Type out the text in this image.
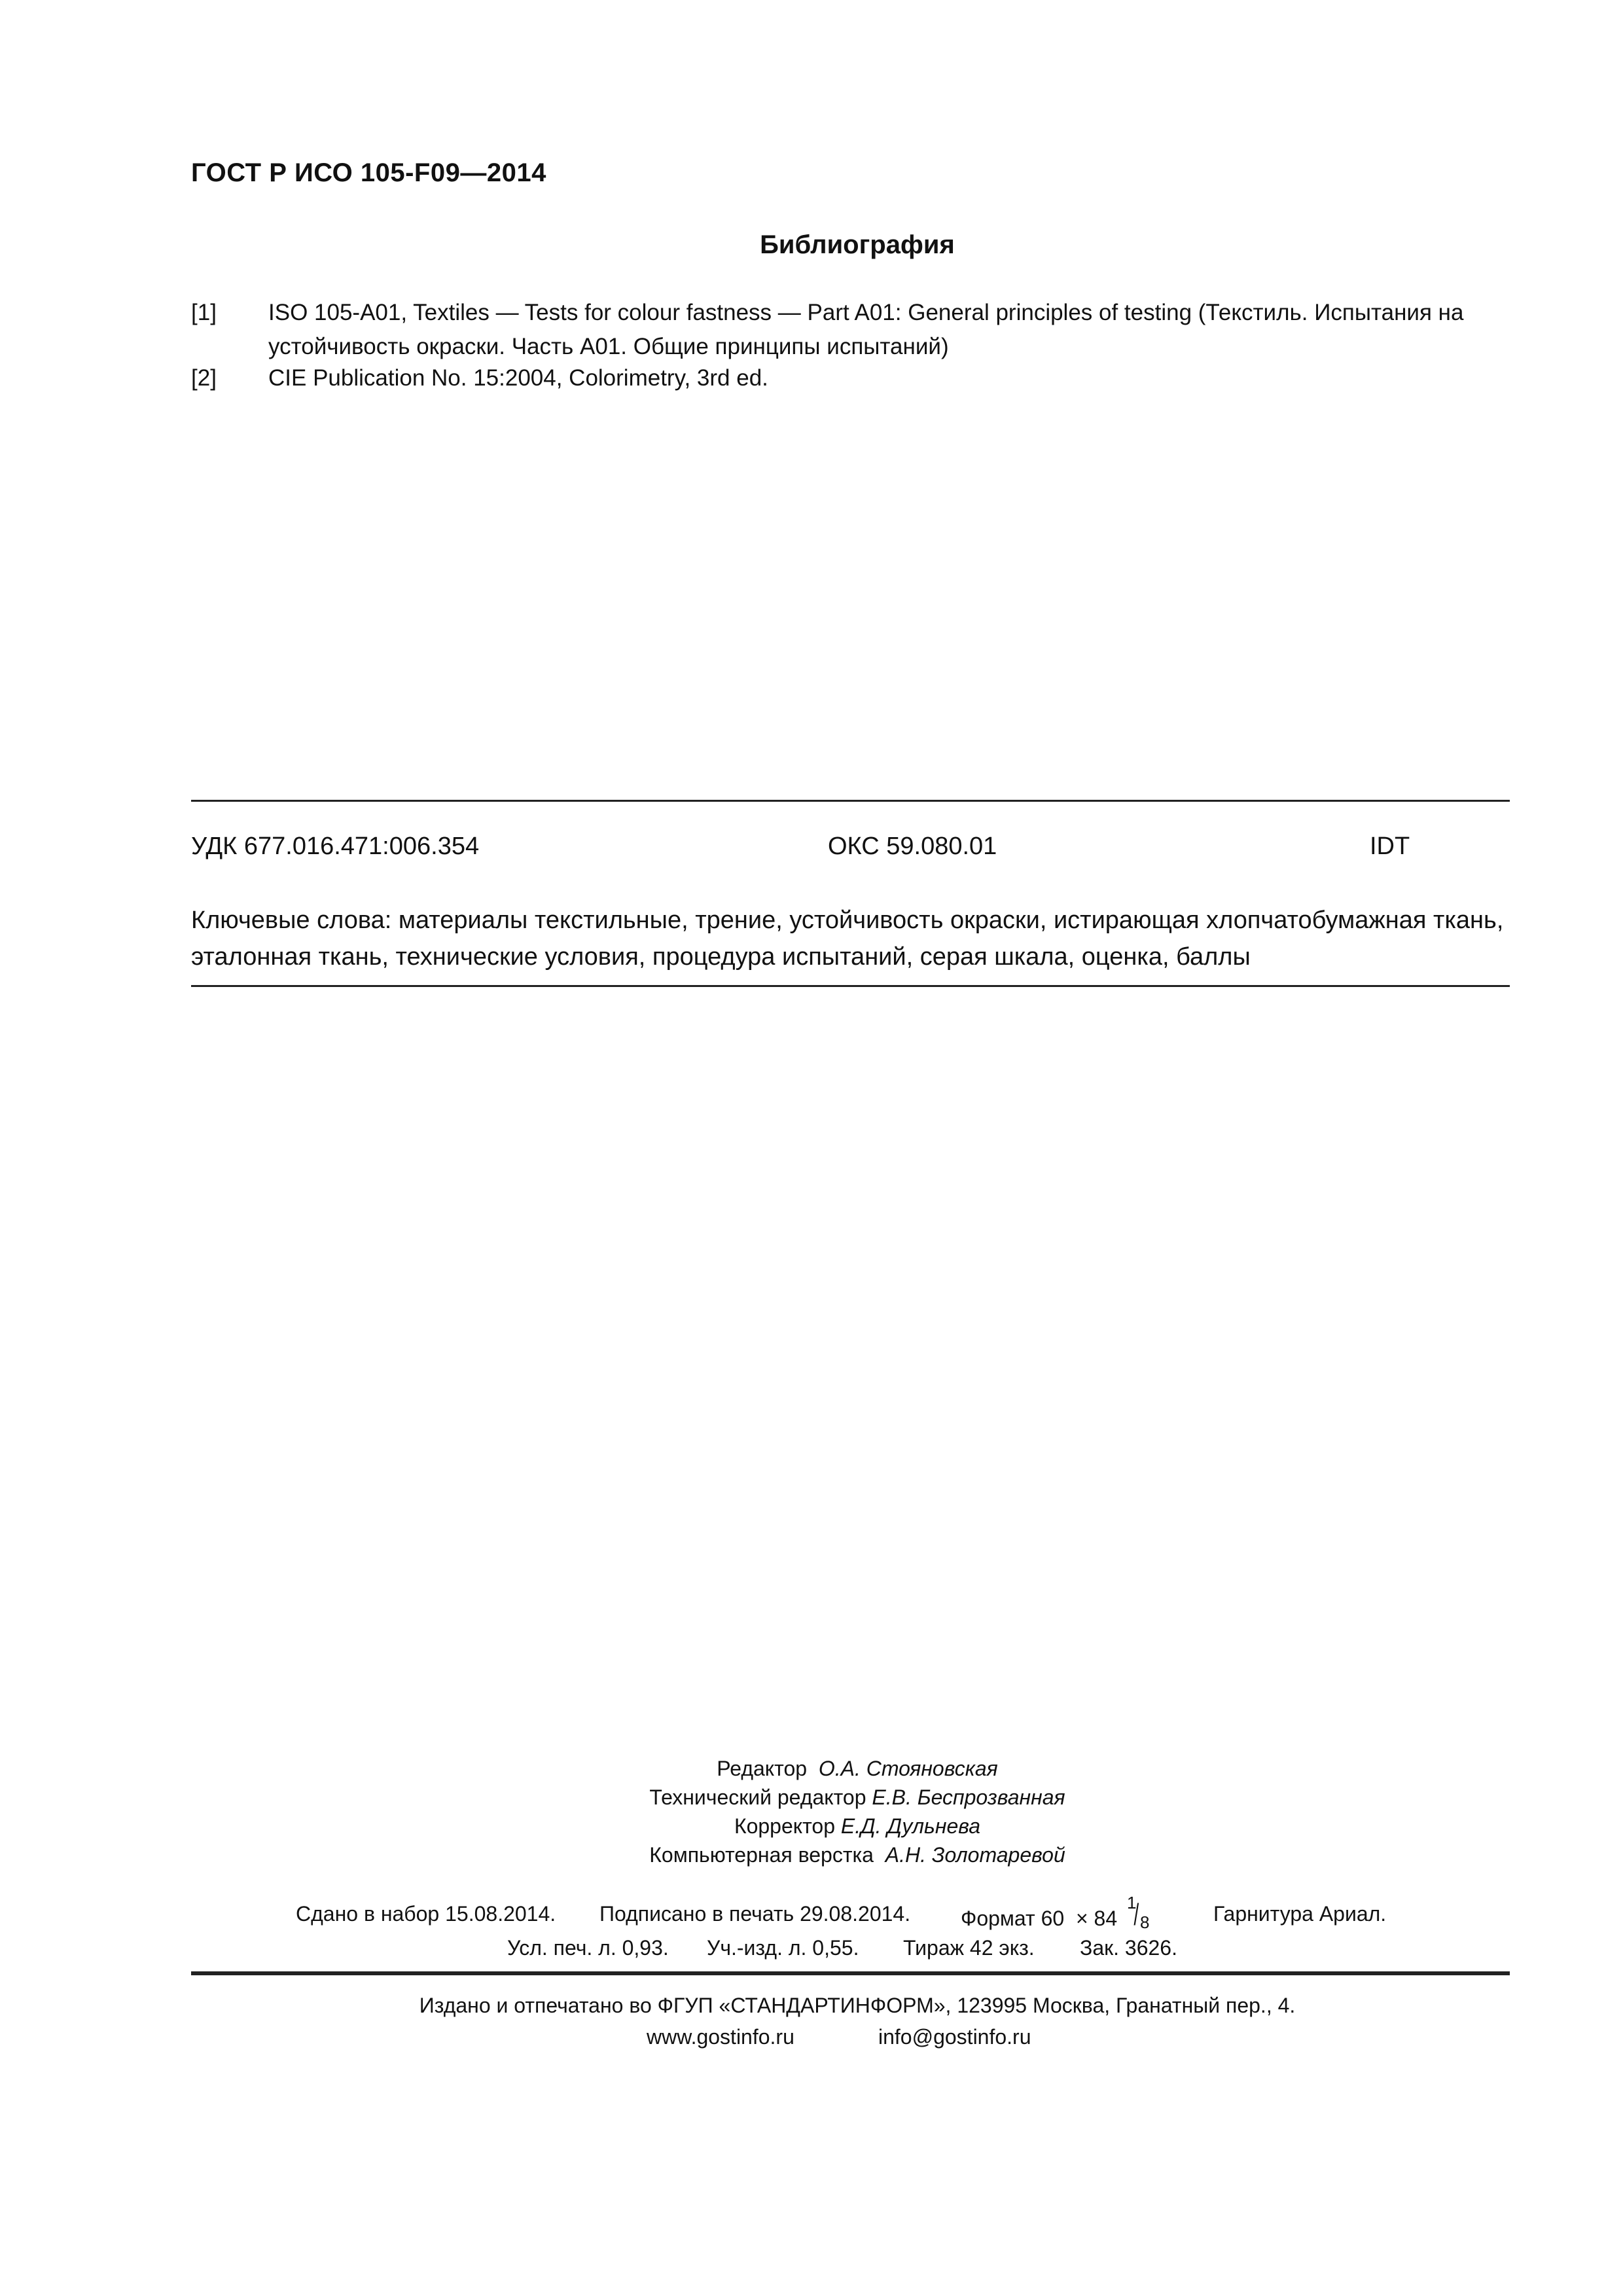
ГОСТ Р ИСО 105-F09—2014
Библиография
[1] ISO 105-A01, Textiles — Tests for colour fastness — Part A01: General principles of testing (Текстиль. Испытания на устойчивость окраски. Часть А01. Общие принципы испытаний)
[2] CIE Publication No. 15:2004, Colorimetry, 3rd ed.
УДК 677.016.471:006.354	ОКС 59.080.01	IDT
Ключевые слова: материалы текстильные, трение, устойчивость окраски, истирающая хлопчатобумажная ткань, эталонная ткань, технические условия, процедура испытаний, серая шкала, оценка, баллы
Редактор О.А. Стояновская
Технический редактор Е.В. Беспрозванная
Корректор Е.Д. Дульнева
Компьютерная верстка А.Н. Золотаревой
Сдано в набор 15.08.2014. Подписано в печать 29.08.2014. Формат 60 × 84
1
/ 8	Гарнитура Ариал.
Усл. печ. л. 0,93. Уч.-изд. л. 0,55. Тираж 42 экз. Зак. 3626.
Издано и отпечатано во ФГУП «СТАНДАРТИНФОРМ», 123995 Москва, Гранатный пер., 4.
www.gostinfo.ru	info@gostinfo.ru
